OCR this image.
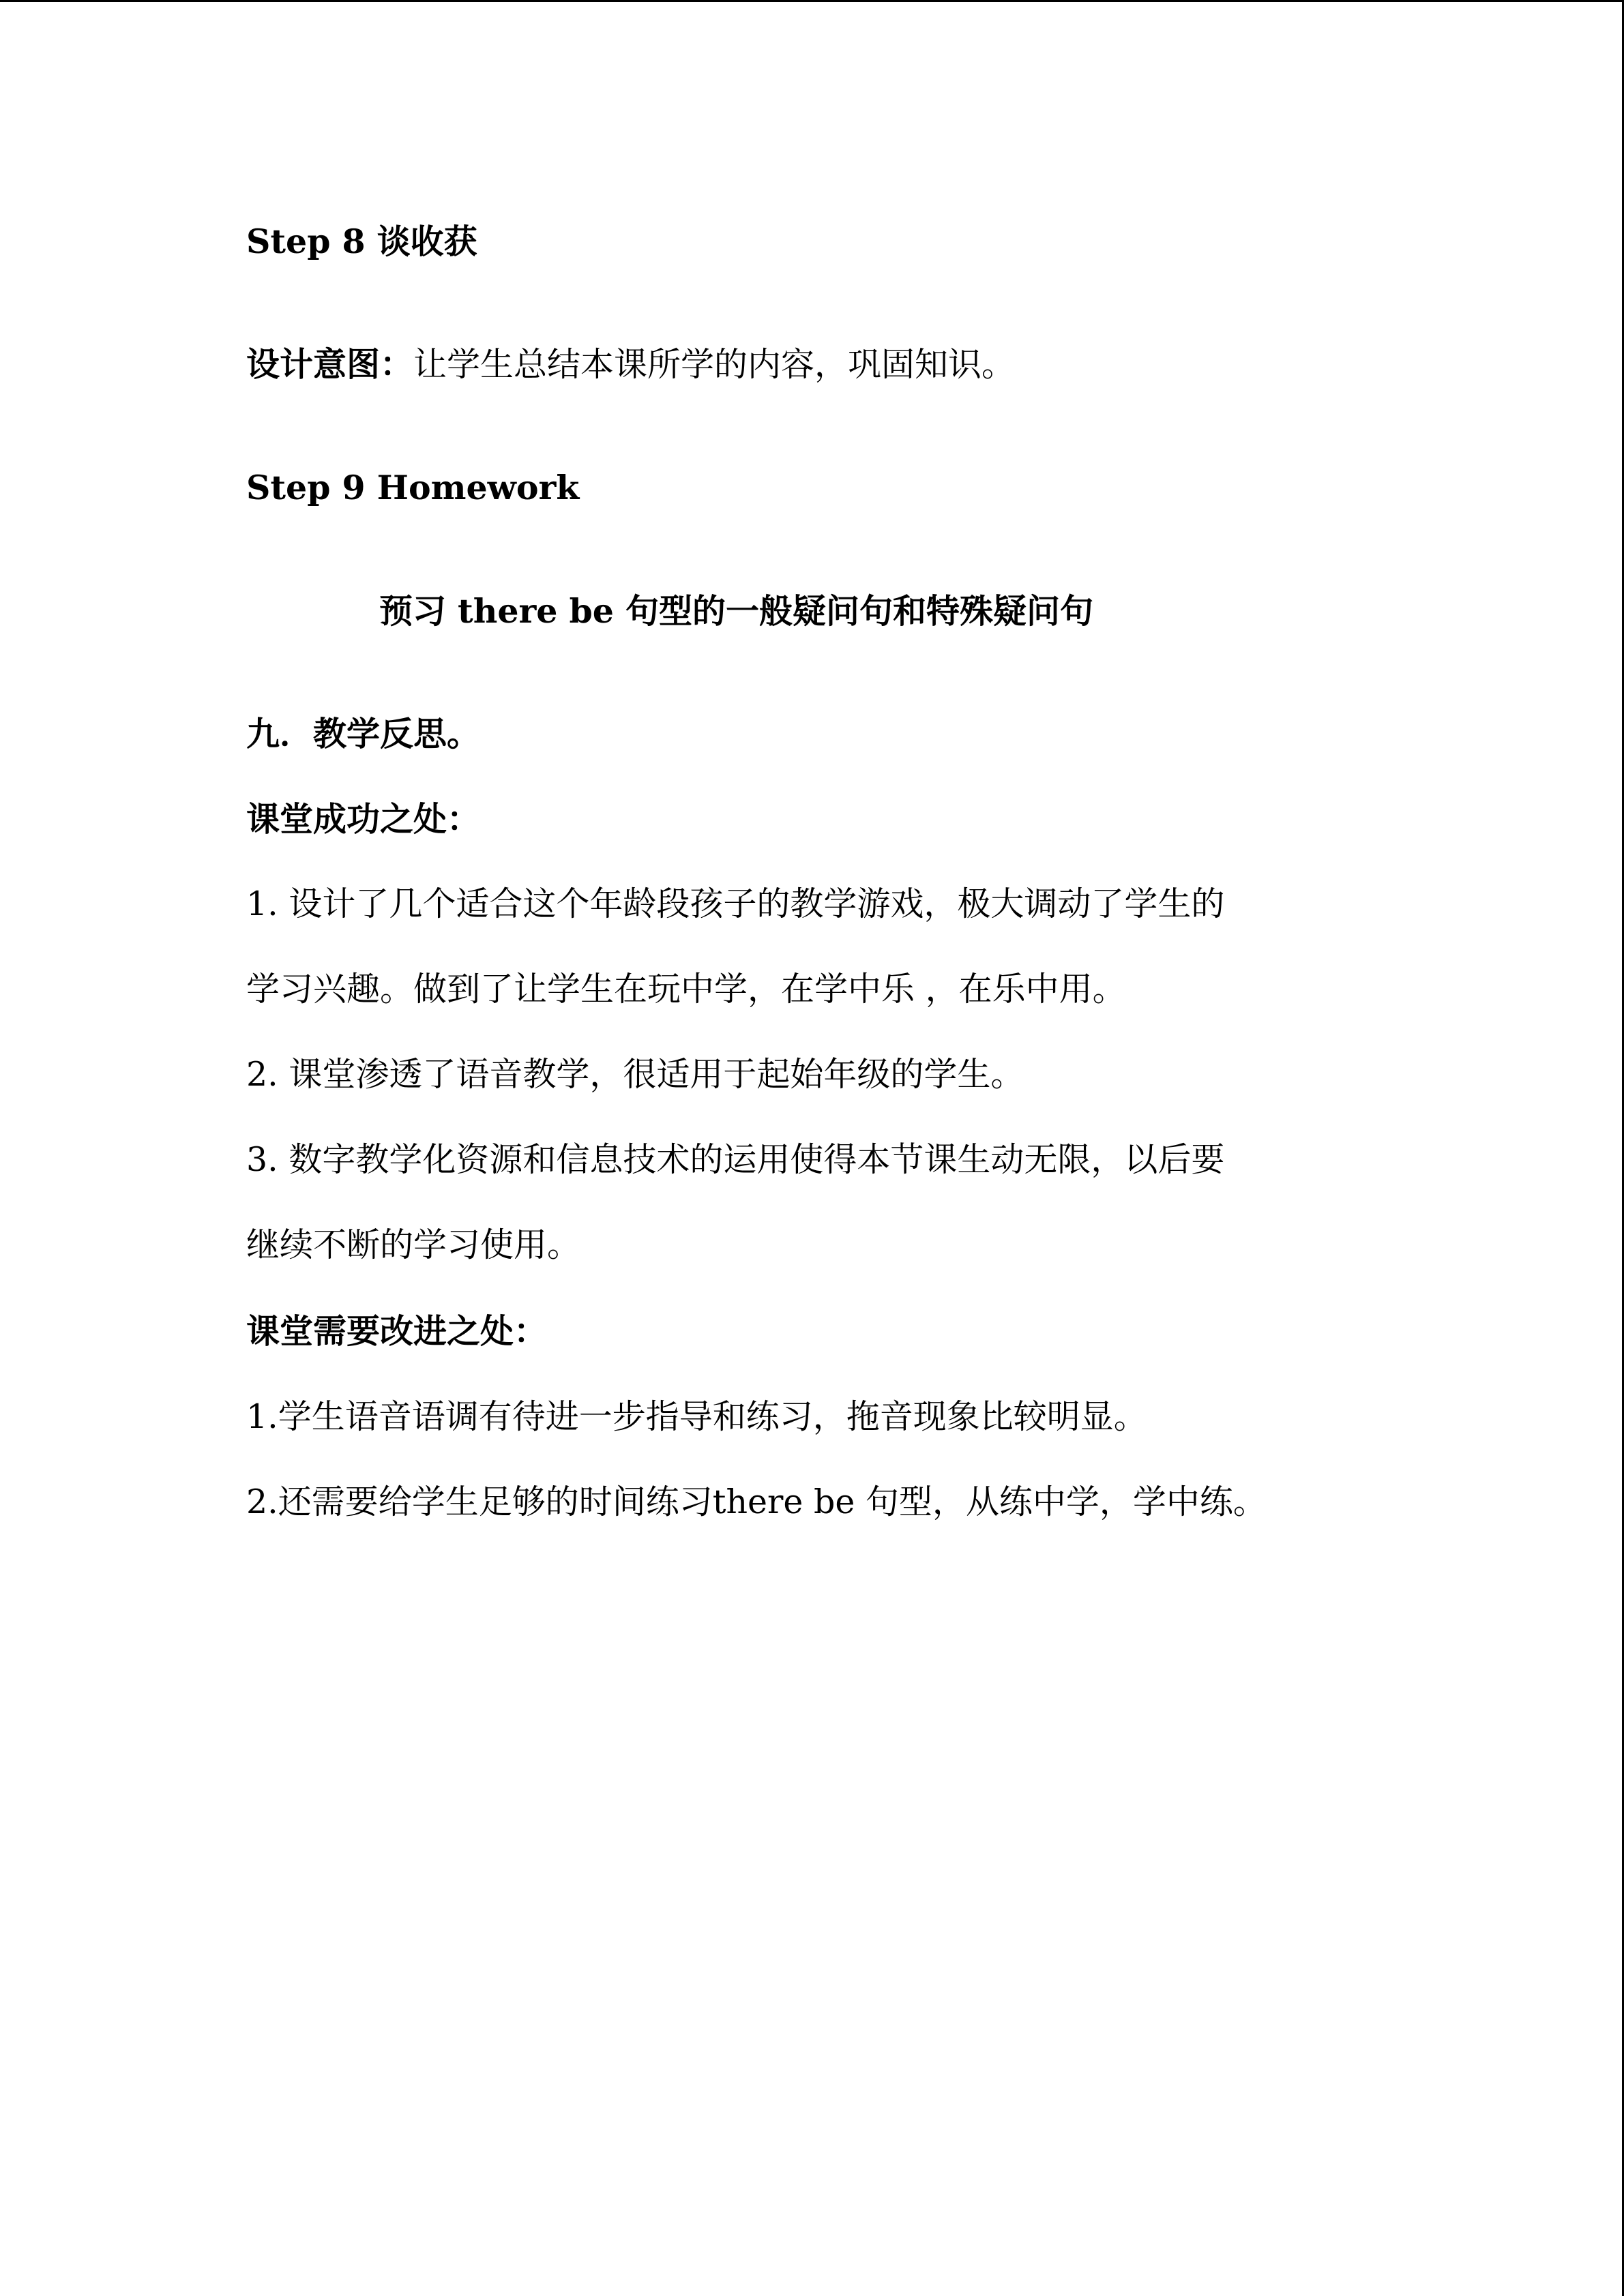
Step 8 谈收获

设计意图：让学生总结本课所学的内容，巩固知识。

Step 9 Homework

预习 there be 句型的一般疑问句和特殊疑问句

九．教学反思。

课堂成功之处：

1. 设计了几个适合这个年龄段孩子的教学游戏，极大调动了学生的

学习兴趣。做到了让学生在玩中学，在学中乐 ，在乐中用。

2. 课堂渗透了语音教学，很适用于起始年级的学生。

3. 数字教学化资源和信息技术的运用使得本节课生动无限，以后要

继续不断的学习使用。

课堂需要改进之处：

1.学生语音语调有待进一步指导和练习，拖音现象比较明显。

2.还需要给学生足够的时间练习there be 句型，从练中学，学中练。
